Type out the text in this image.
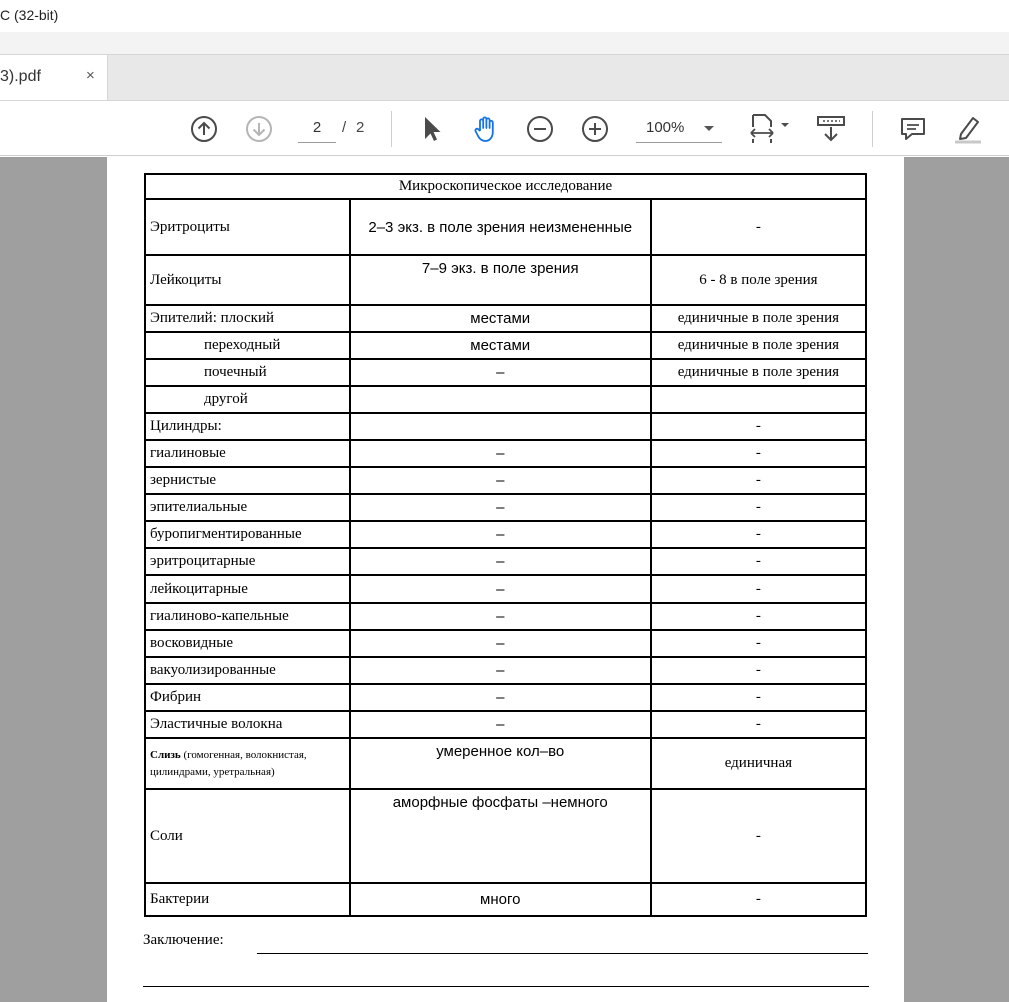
С (32-bit)
3).pdf	×
2	/ 2	100%
Микроскопическое исследование		
Эритроциты	2–3 экз. в поле зрения неизмененные	-
Лейкоциты	7–9 экз. в поле зрения	6 - 8 в поле зрения
Эпителий: плоский	местами	единичные в поле зрения
переходный	местами	единичные в поле зрения
почечный	–	единичные в поле зрения
другой		
Цилиндры:		-
гиалиновые	–	-
зернистые	–	-
эпителиальные	–	-
буропигментированные	–	-
эритроцитарные	–	-
лейкоцитарные	–	-
гиалиново-капельные	–	-
восковидные	–	-
вакуолизированные	–	-
Фибрин	–	-
Эластичные волокна	–	-
Слизь (гомогенная, волокнистая, цилиндрами, уретральная)	умеренное кол–во	единичная
Соли	аморфные фосфаты –немного	-
Бактерии	много	-
Заключение:
